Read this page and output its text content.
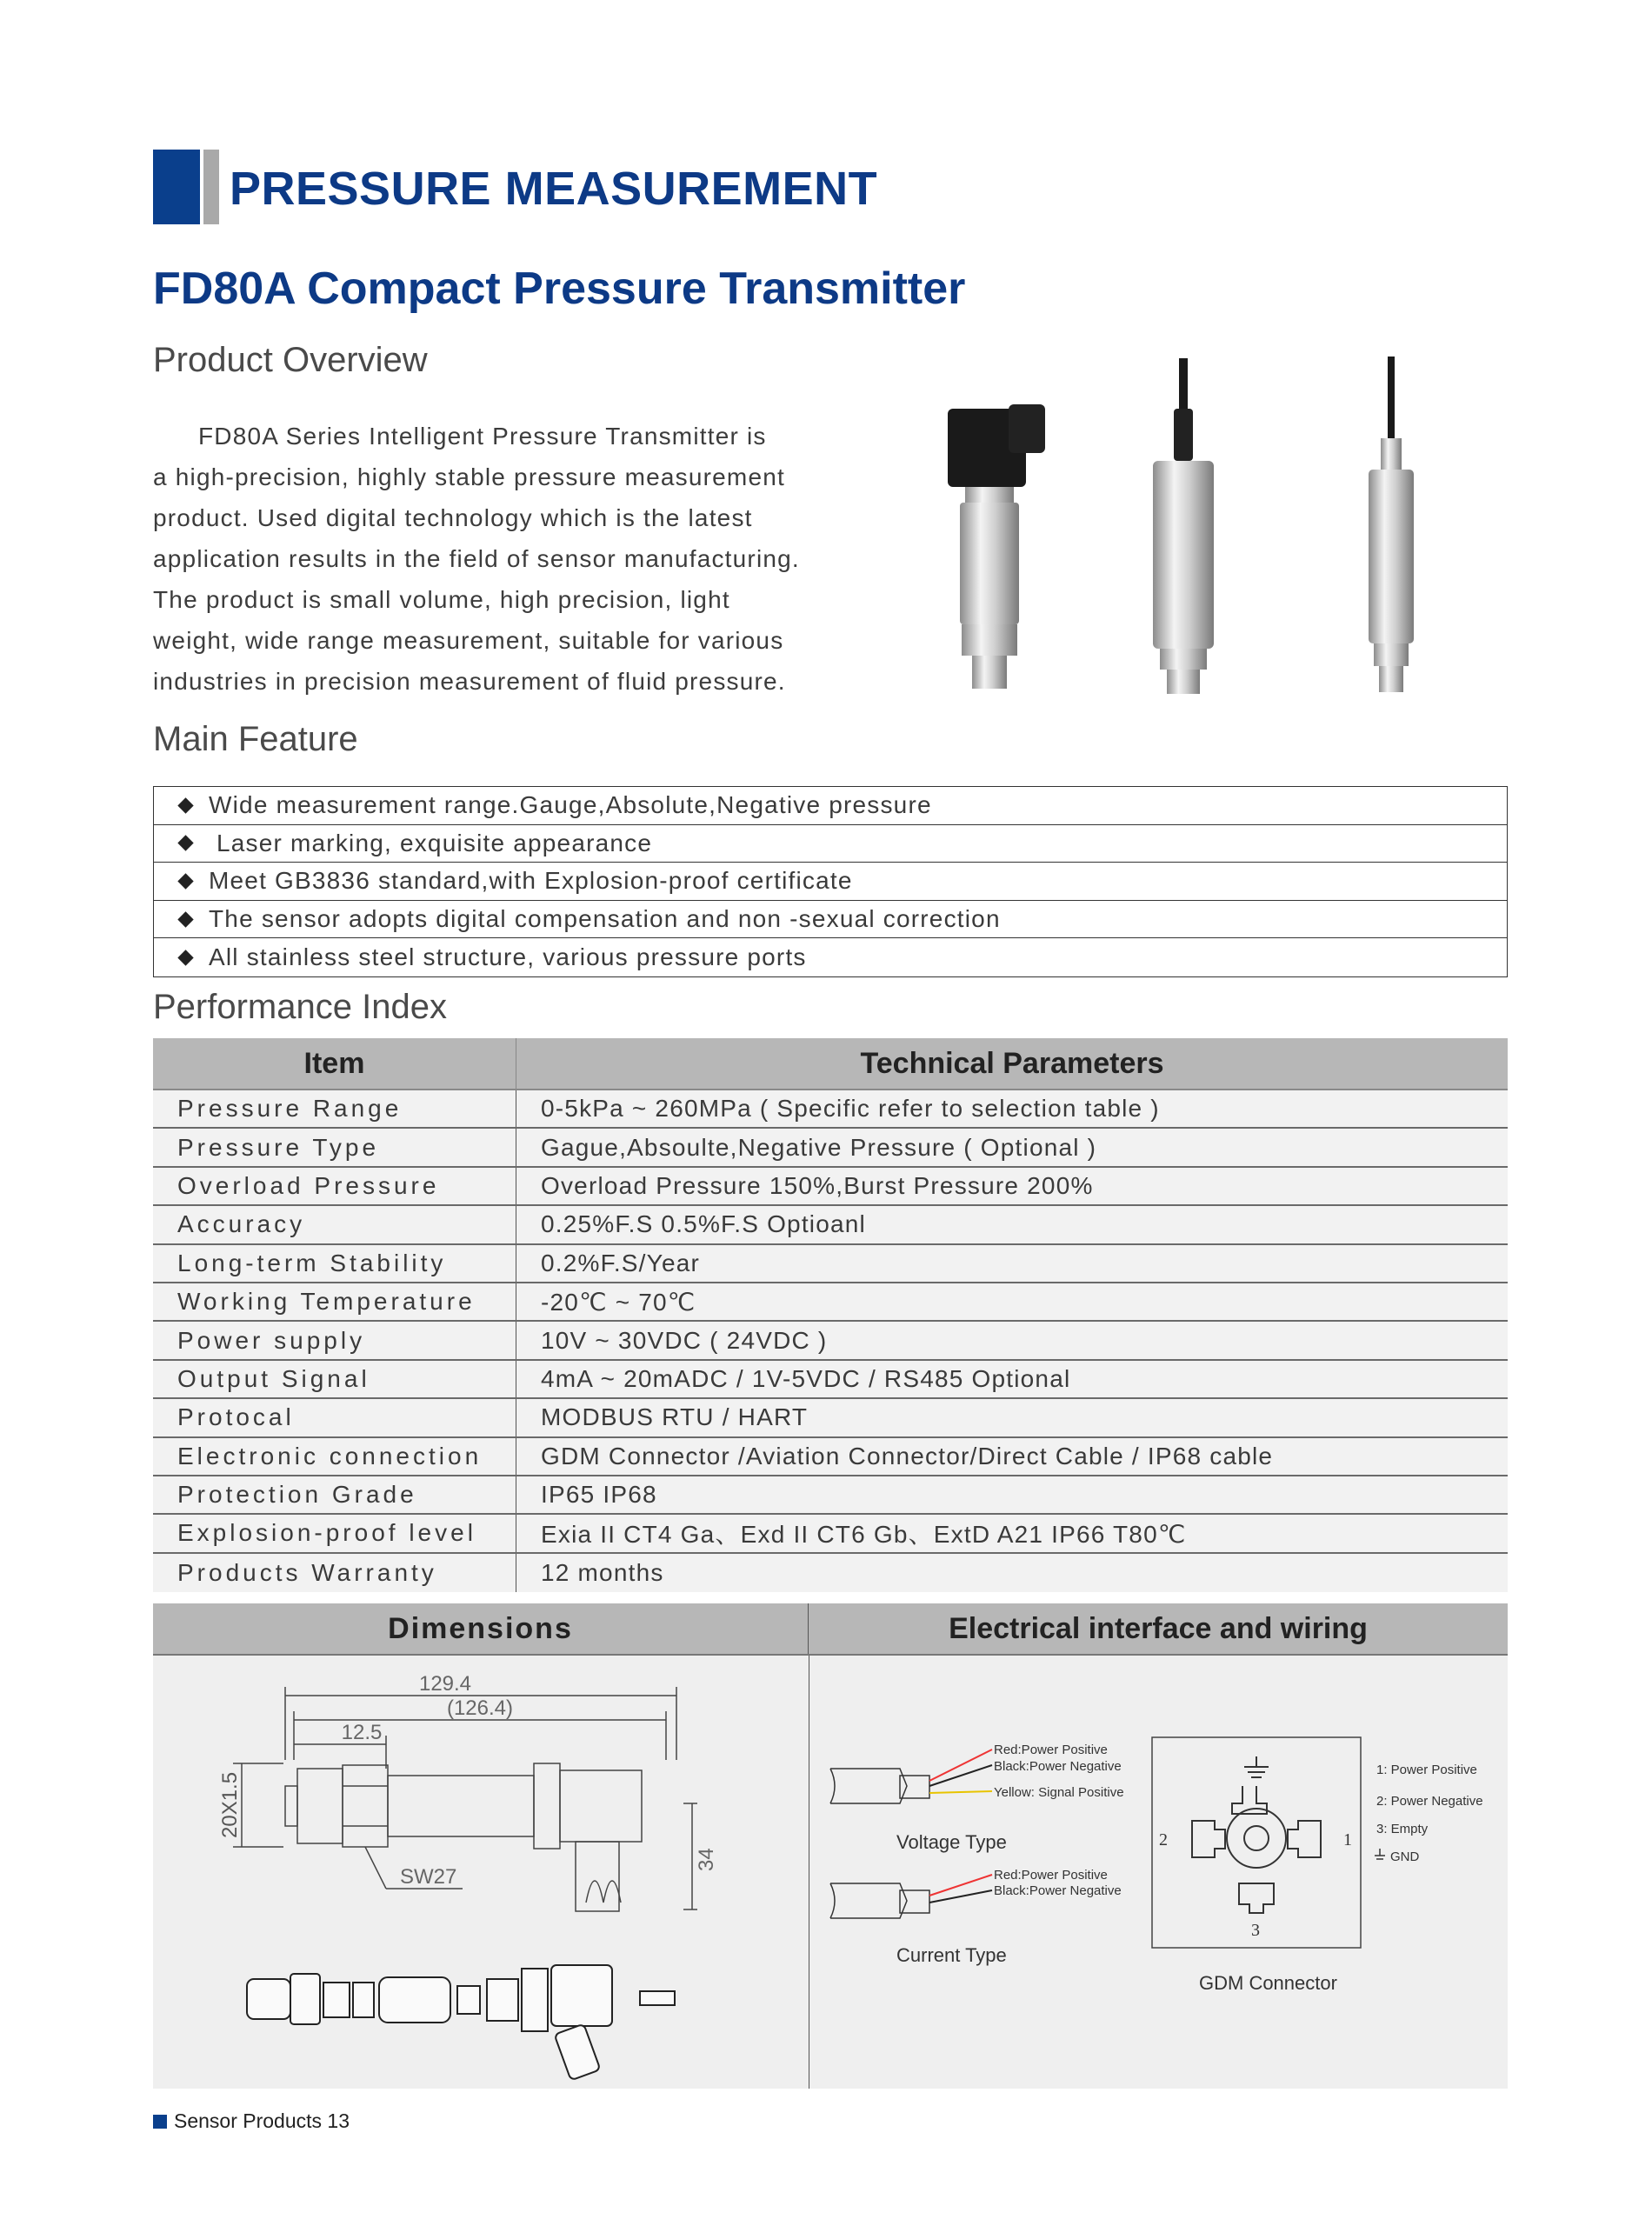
PRESSURE MEASUREMENT
FD80A Compact Pressure Transmitter
Product Overview
FD80A Series Intelligent Pressure Transmitter is
a high-precision, highly stable pressure measurement
product. Used digital technology which is the latest
application results in the field of sensor manufacturing.
The product is small volume, high precision, light
weight, wide range measurement, suitable for various
industries in precision measurement of fluid pressure.
Main Feature
Wide measurement range.Gauge,Absolute,Negative pressure
Laser marking, exquisite appearance
Meet GB3836 standard,with Explosion-proof certificate
The sensor adopts digital compensation and non -sexual correction
All stainless steel structure, various pressure ports
Performance Index
Item	Technical Parameters
Pressure Range	0-5kPa ~ 260MPa ( Specific refer to selection table )
Pressure Type	Gague,Absoulte,Negative Pressure ( Optional )
Overload Pressure	Overload Pressure 150%,Burst Pressure 200%
Accuracy	0.25%F.S 0.5%F.S Optioanl
Long-term Stability	0.2%F.S/Year
Working Temperature	-20℃ ~ 70℃
Power supply	10V ~ 30VDC ( 24VDC )
Output Signal	4mA ~ 20mADC / 1V-5VDC / RS485 Optional
Protocal	MODBUS RTU / HART
Electronic connection	GDM Connector /Aviation Connector/Direct Cable / IP68 cable
Protection Grade	IP65 IP68
Explosion-proof level	Exia II CT4 Ga、Exd II CT6 Gb、ExtD A21 IP66 T80℃
Products Warranty	12 months
Dimensions	Electrical interface and wiring
129.4
(126.4)
12.5
20X1.5
SW27
34
Red:Power Positive
Black:Power Negative
Yellow: Signal Positive
Voltage Type
Red:Power Positive
Black:Power Negative
Current Type
2	1
3
1: Power Positive
2: Power Negative
3: Empty
GND
GDM Connector
Sensor Products 13
